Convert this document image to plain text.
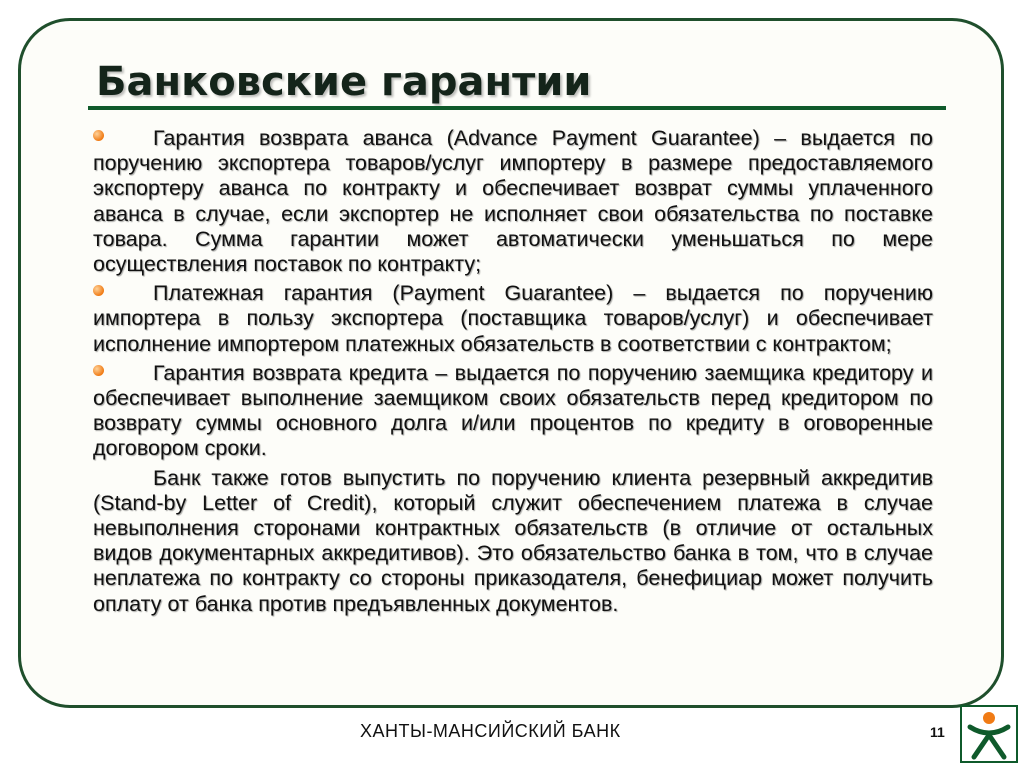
Банковские гарантии

Гарантия возврата аванса (Advance Payment Guarantee) – выдается по поручению экспортера товаров/услуг импортеру в размере предоставляемого экспортеру аванса по контракту и обеспечивает возврат суммы уплаченного аванса в случае, если экспортер не исполняет свои обязательства по поставке товара. Сумма гарантии может автоматически уменьшаться по мере осуществления поставок по контракту;

Платежная гарантия (Payment Guarantee) – выдается по поручению импортера в пользу экспортера (поставщика товаров/услуг) и обеспечивает исполнение импортером платежных обязательств в соответствии с контрактом;

Гарантия возврата кредита – выдается по поручению заемщика кредитору и обеспечивает выполнение заемщиком своих обязательств перед кредитором по возврату суммы основного долга и/или процентов по кредиту в оговоренные договором сроки.

Банк также готов выпустить по поручению клиента резервный аккредитив (Stand-by Letter of Credit), который служит обеспечением платежа в случае невыполнения сторонами контрактных обязательств (в отличие от остальных видов документарных аккредитивов). Это обязательство банка в том, что в случае неплатежа по контракту со стороны приказодателя, бенефициар может получить оплату от банка против предъявленных документов.

ХАНТЫ-МАНСИЙСКИЙ БАНК	11
